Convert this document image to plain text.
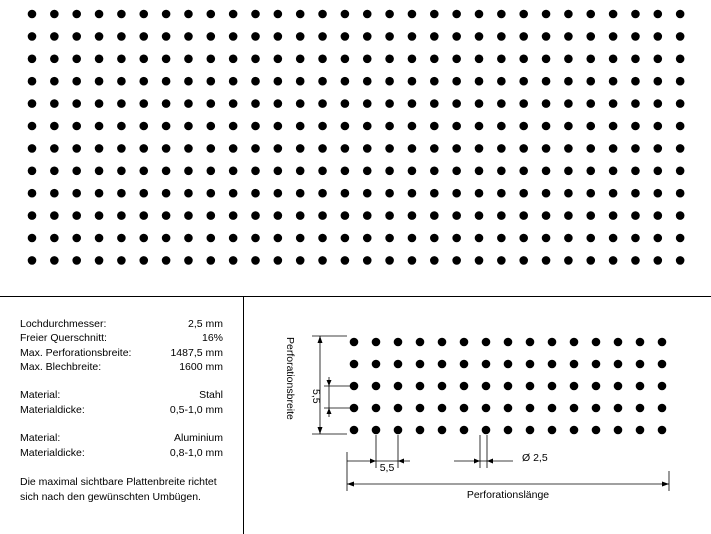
Lochdurchmesser:	2,5 mm
Freier Querschnitt:	16%
Max. Perforationsbreite:	1487,5 mm
Max. Blechbreite:	1600 mm
Material:	Stahl
Materialdicke:	0,5-1,0 mm
Material:	Aluminium
Materialdicke:	0,8-1,0 mm
Die maximal sichtbare Plattenbreite richtet sich nach den gewünschten Umbügen.
Perforationsbreite 5,5
5,5
Ø 2,5
Perforationslänge
